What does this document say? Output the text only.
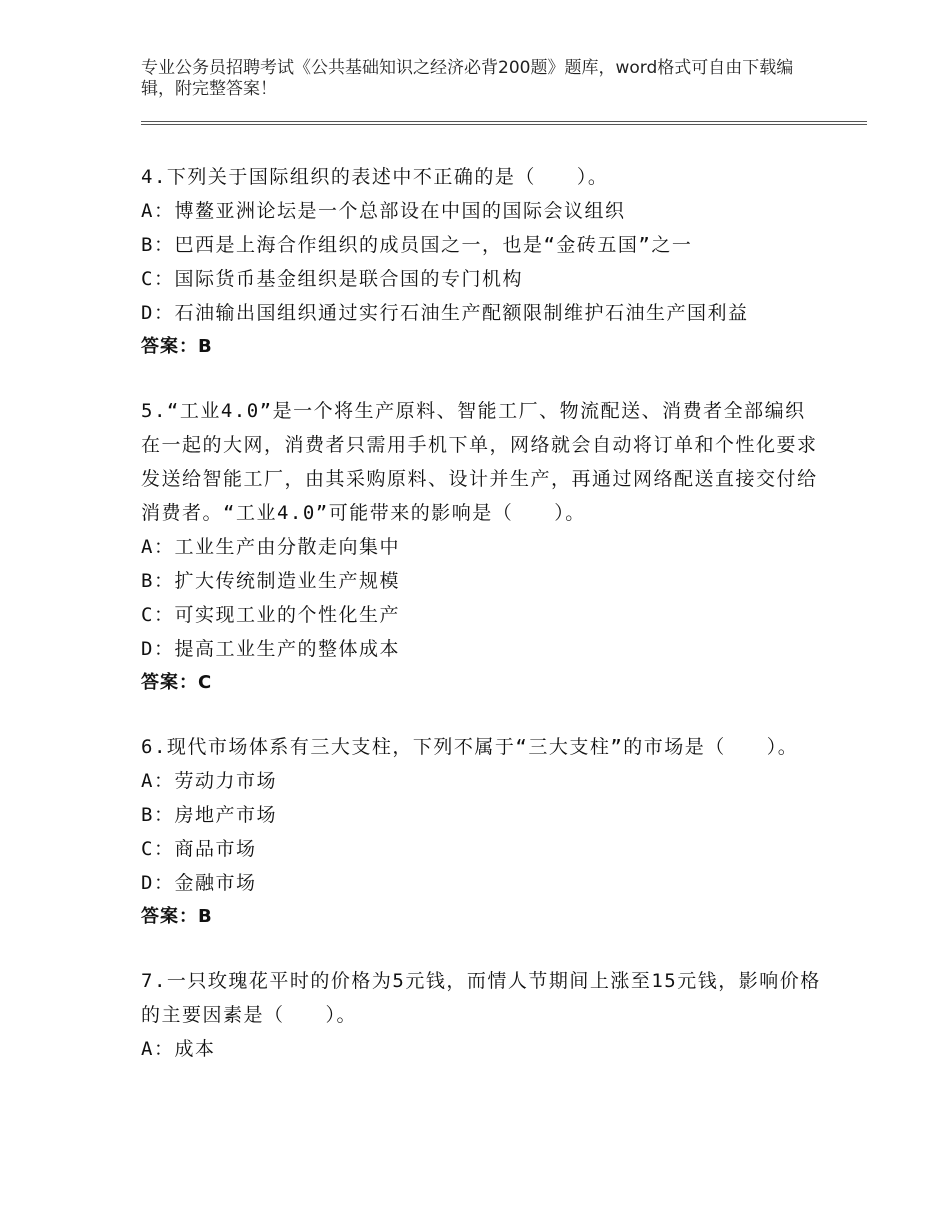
专业公务员招聘考试《公共基础知识之经济必背200题》题库，word格式可自由下载编辑，附完整答案！
4.下列关于国际组织的表述中不正确的是（　　）。
A：博鳌亚洲论坛是一个总部设在中国的国际会议组织
B：巴西是上海合作组织的成员国之一，也是“金砖五国”之一
C：国际货币基金组织是联合国的专门机构
D：石油输出国组织通过实行石油生产配额限制维护石油生产国利益
答案：B
5.“工业4.0”是一个将生产原料、智能工厂、物流配送、消费者全部编织在一起的大网，消费者只需用手机下单，网络就会自动将订单和个性化要求发送给智能工厂，由其采购原料、设计并生产，再通过网络配送直接交付给消费者。“工业4.0”可能带来的影响是（　　）。
A：工业生产由分散走向集中
B：扩大传统制造业生产规模
C：可实现工业的个性化生产
D：提高工业生产的整体成本
答案：C
6.现代市场体系有三大支柱，下列不属于“三大支柱”的市场是（　　）。
A：劳动力市场
B：房地产市场
C：商品市场
D：金融市场
答案：B
7.一只玫瑰花平时的价格为5元钱，而情人节期间上涨至15元钱，影响价格的主要因素是（　　）。
A：成本
